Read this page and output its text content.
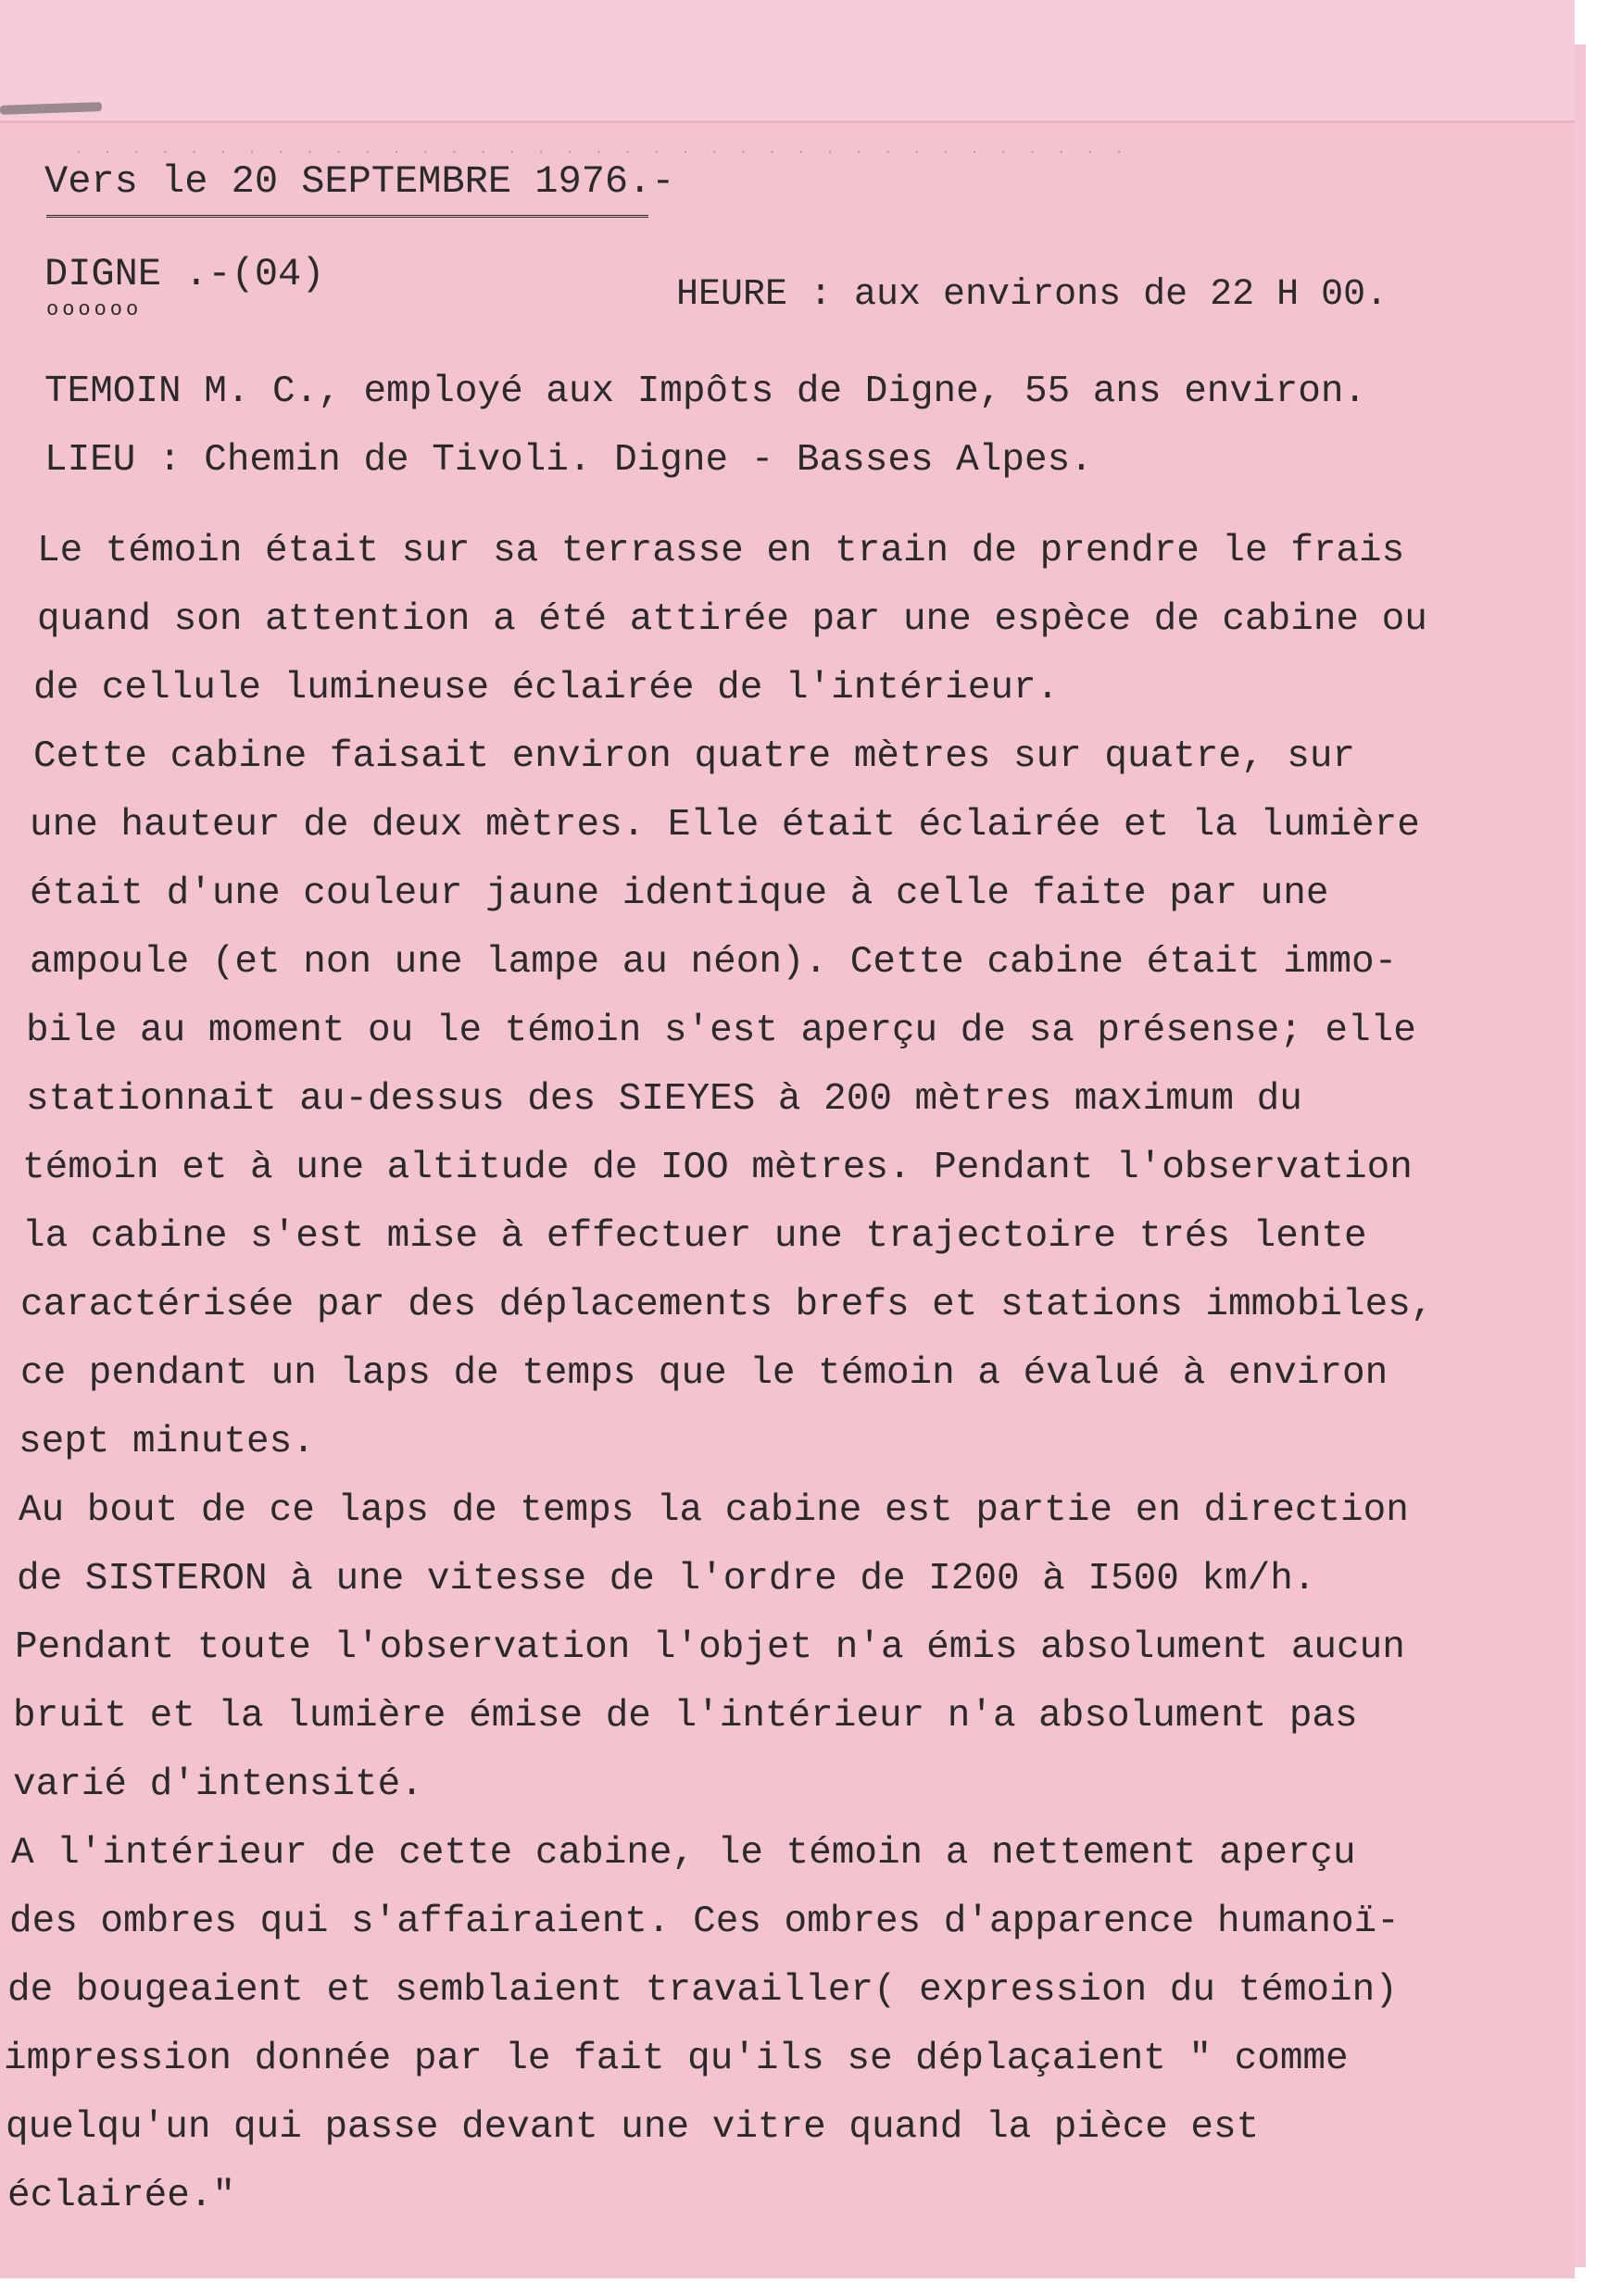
. . . . . . . . . . . . . . . . . . . . . . . . . . . . . . . . . . . . .
Vers le 20 SEPTEMBRE 1976.-
DIGNE .-(04)
oooooo	HEURE : aux environs de 22 H 00.
TEMOIN M. C., employé aux Impôts de Digne, 55 ans environ.
LIEU : Chemin de Tivoli. Digne - Basses Alpes.
Le témoin était sur sa terrasse en train de prendre le frais
quand son attention a été attirée par une espèce de cabine ou
de cellule lumineuse éclairée de l'intérieur.
Cette cabine faisait environ quatre mètres sur quatre, sur
une hauteur de deux mètres. Elle était éclairée et la lumière
était d'une couleur jaune identique à celle faite par une
ampoule (et non une lampe au néon). Cette cabine était immo-
bile au moment ou le témoin s'est aperçu de sa présense; elle
stationnait au-dessus des SIEYES à 200 mètres maximum du
témoin et à une altitude de IOO mètres. Pendant l'observation
la cabine s'est mise à effectuer une trajectoire trés lente
caractérisée par des déplacements brefs et stations immobiles,
ce pendant un laps de temps que le témoin a évalué à environ
sept minutes.
Au bout de ce laps de temps la cabine est partie en direction
de SISTERON à une vitesse de l'ordre de I200 à I500 km/h.
Pendant toute l'observation l'objet n'a émis absolument aucun
bruit et la lumière émise de l'intérieur n'a absolument pas
varié d'intensité.
A l'intérieur de cette cabine, le témoin a nettement aperçu
des ombres qui s'affairaient. Ces ombres d'apparence humanoï-
de bougeaient et semblaient travailler( expression du témoin)
impression donnée par le fait qu'ils se déplaçaient " comme
quelqu'un qui passe devant une vitre quand la pièce est
éclairée."
